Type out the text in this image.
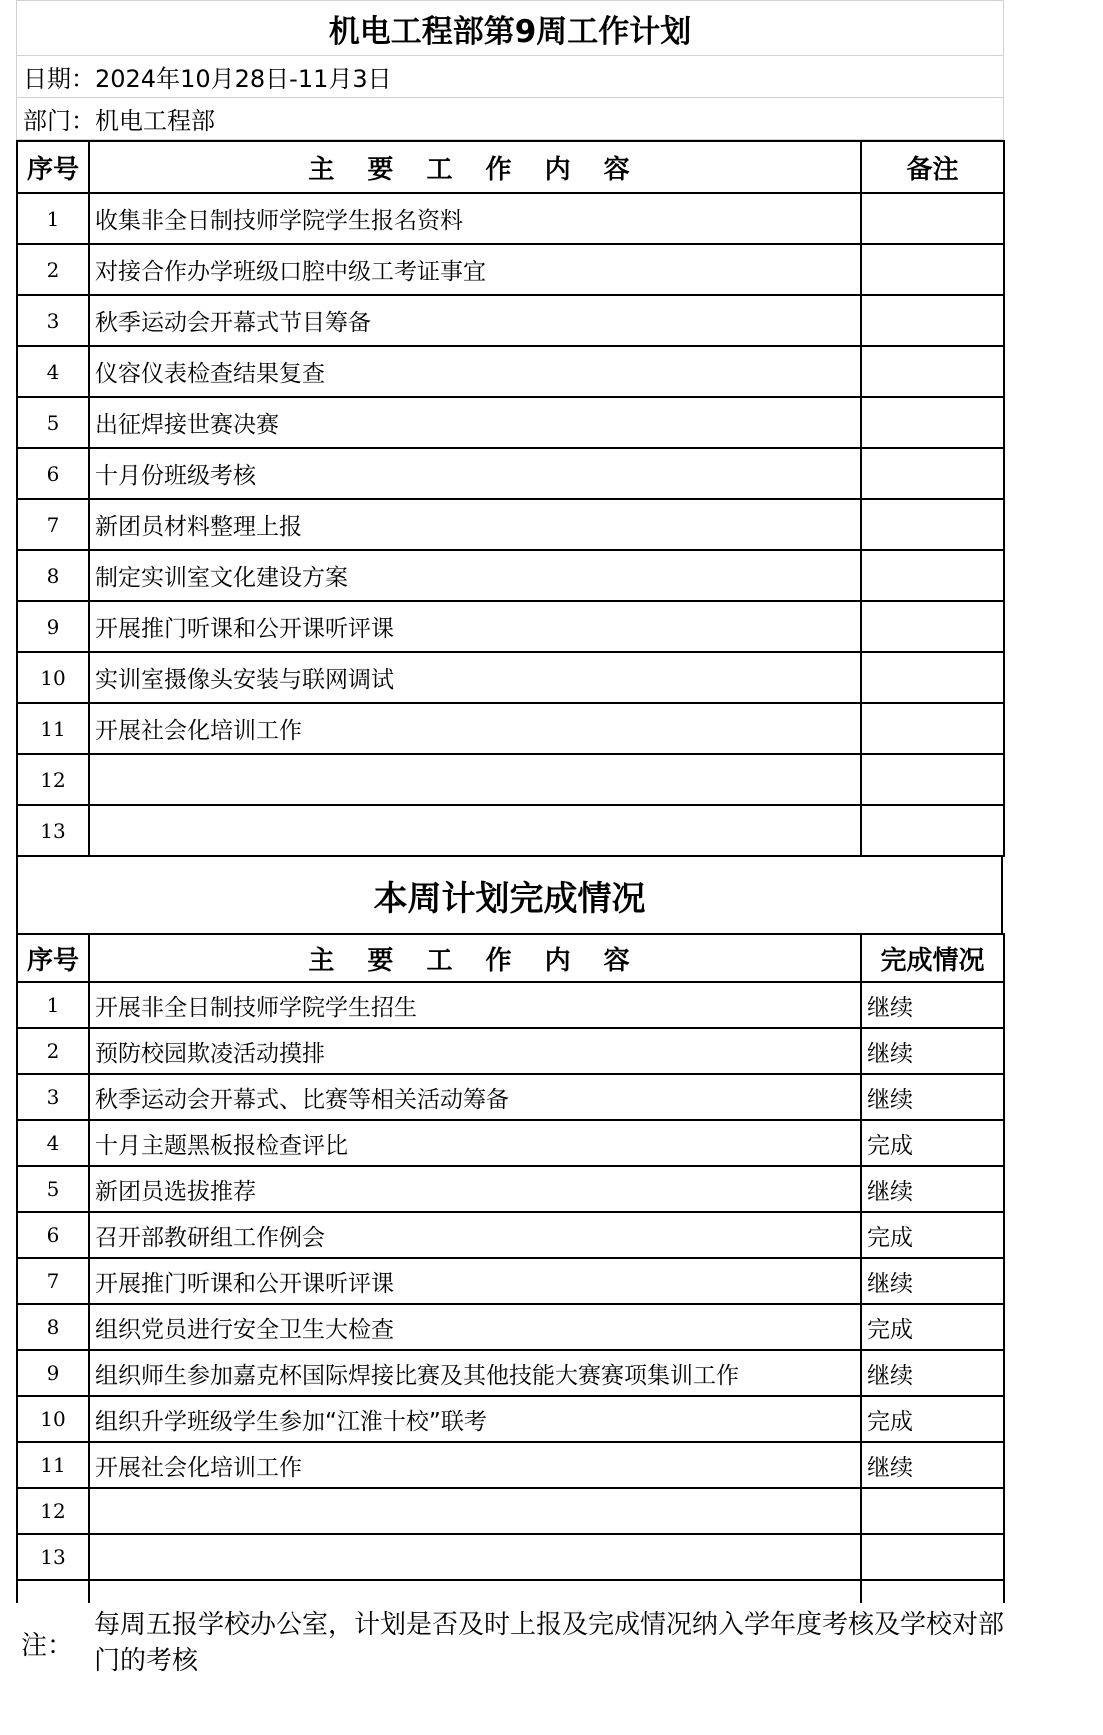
机电工程部第9周工作计划
日期：2024年10月28日-11月3日
部门：机电工程部
序号	主 要 工 作 内 容	备注
1	收集非全日制技师学院学生报名资料	
2	对接合作办学班级口腔中级工考证事宜	
3	秋季运动会开幕式节目筹备	
4	仪容仪表检查结果复查	
5	出征焊接世赛决赛	
6	十月份班级考核	
7	新团员材料整理上报	
8	制定实训室文化建设方案	
9	开展推门听课和公开课听评课	
10	实训室摄像头安装与联网调试	
11	开展社会化培训工作	
12		
13		
本周计划完成情况
序号	主 要 工 作 内 容	完成情况
1	开展非全日制技师学院学生招生	继续
2	预防校园欺凌活动摸排	继续
3	秋季运动会开幕式、比赛等相关活动筹备	继续
4	十月主题黑板报检查评比	完成
5	新团员选拔推荐	继续
6	召开部教研组工作例会	完成
7	开展推门听课和公开课听评课	继续
8	组织党员进行安全卫生大检查	完成
9	组织师生参加嘉克杯国际焊接比赛及其他技能大赛赛项集训工作	继续
10	组织升学班级学生参加“江淮十校”联考	完成
11	开展社会化培训工作	继续
12		
13		

注：	每周五报学校办公室，计划是否及时上报及完成情况纳入学年度考核及学校对部门的考核	
